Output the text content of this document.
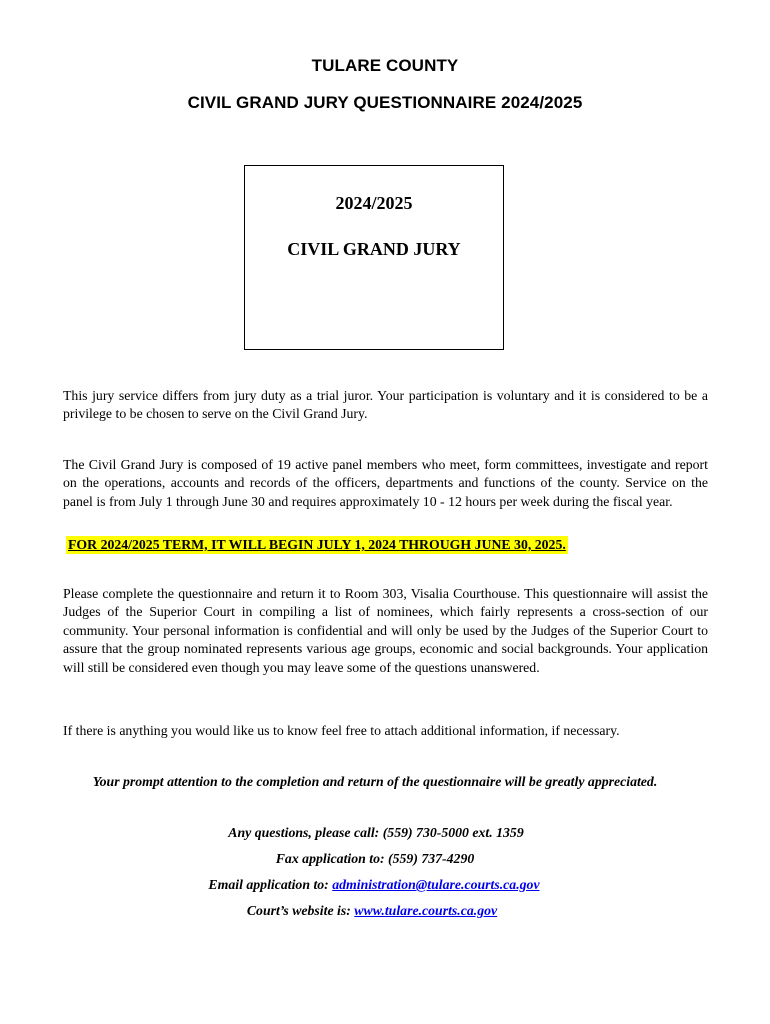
TULARE COUNTY
CIVIL GRAND JURY QUESTIONNAIRE 2024/2025
2024/2025
CIVIL GRAND JURY

This jury service differs from jury duty as a trial juror. Your participation is voluntary and it is considered to be a privilege to be chosen to serve on the Civil Grand Jury.

The Civil Grand Jury is composed of 19 active panel members who meet, form committees, investigate and report on the operations, accounts and records of the officers, departments and functions of the county. Service on the panel is from July 1 through June 30 and requires approximately 10 - 12 hours per week during the fiscal year.

FOR 2024/2025 TERM, IT WILL BEGIN JULY 1, 2024 THROUGH JUNE 30, 2025.

Please complete the questionnaire and return it to Room 303, Visalia Courthouse. This questionnaire will assist the Judges of the Superior Court in compiling a list of nominees, which fairly represents a cross-section of our community. Your personal information is confidential and will only be used by the Judges of the Superior Court to assure that the group nominated represents various age groups, economic and social backgrounds. Your application will still be considered even though you may leave some of the questions unanswered.

If there is anything you would like us to know feel free to attach additional information, if necessary.

Your prompt attention to the completion and return of the questionnaire will be greatly appreciated.

Any questions, please call: (559) 730-5000 ext. 1359

Fax application to: (559) 737-4290

Email application to: administration@tulare.courts.ca.gov

Court’s website is: www.tulare.courts.ca.gov
